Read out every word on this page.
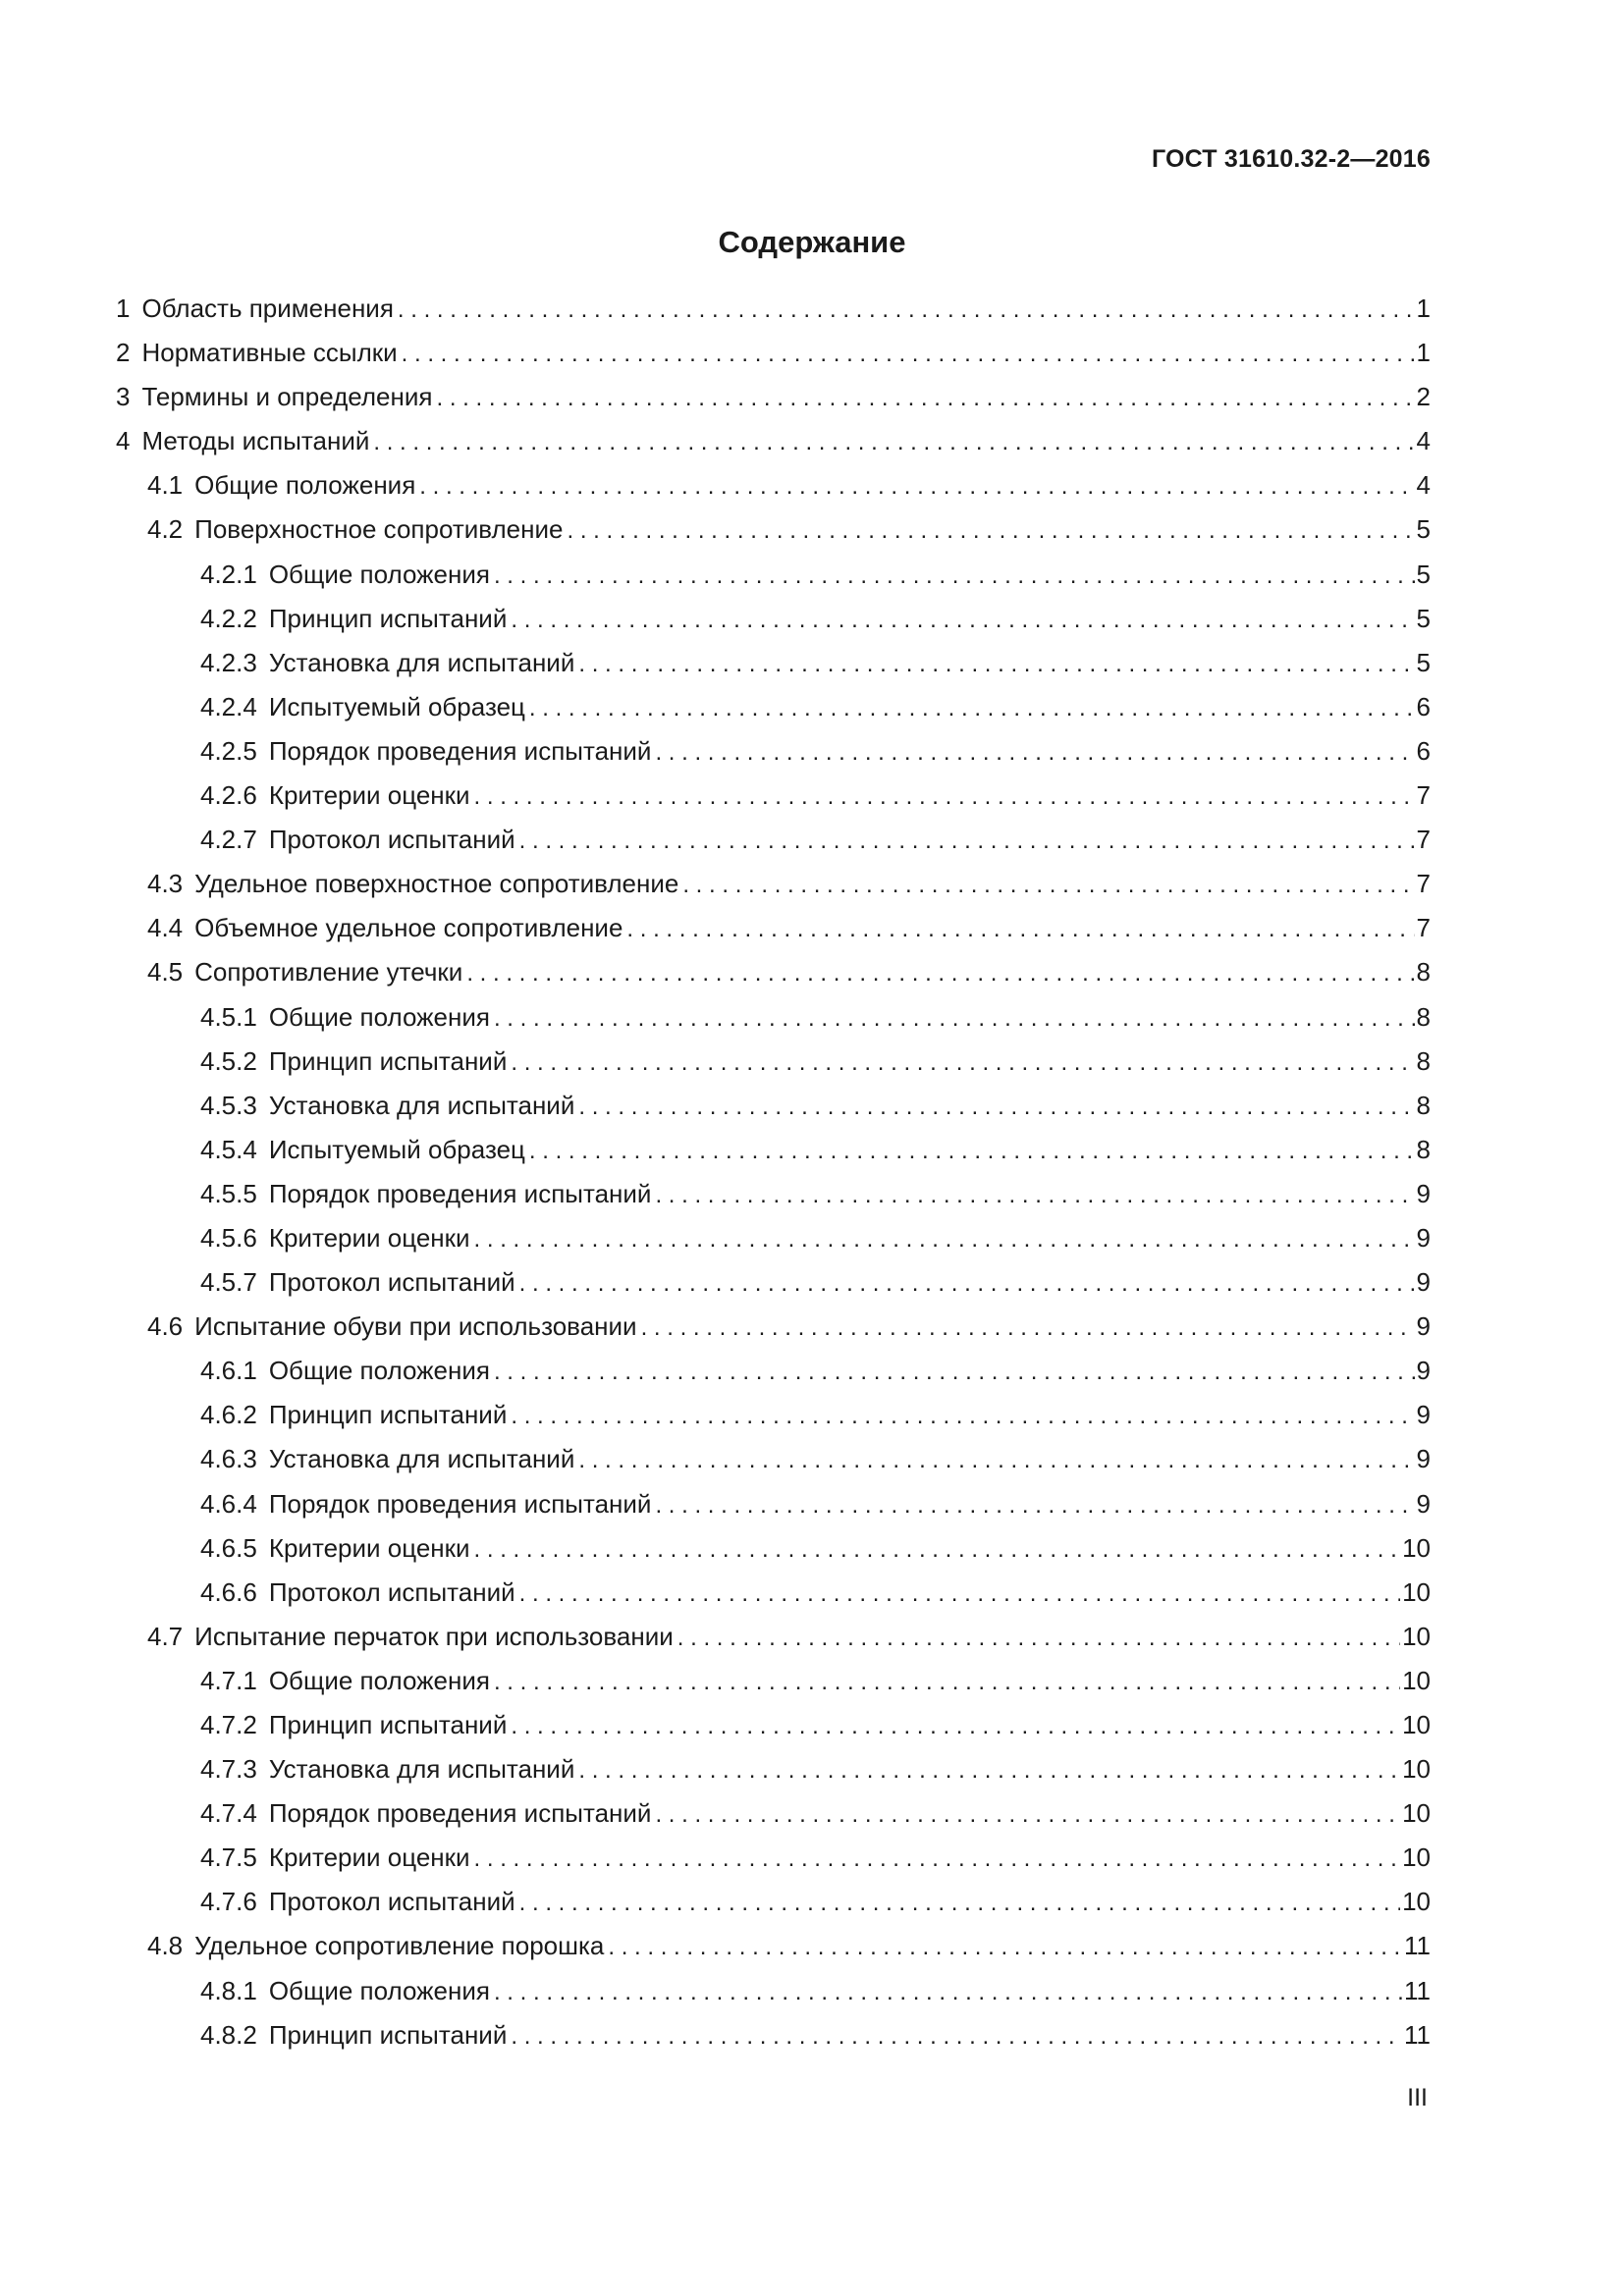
ГОСТ 31610.32-2—2016
Содержание
1 Область применения . . .	1
2 Нормативные ссылки . . .	1
3 Термины и определения . . .	2
4 Методы испытаний . . .	4
4.1 Общие положения . . .	4
4.2 Поверхностное сопротивление . . .	5
4.2.1 Общие положения . . .	5
4.2.2 Принцип испытаний . . .	5
4.2.3 Установка для испытаний . . .	5
4.2.4 Испытуемый образец . . .	6
4.2.5 Порядок проведения испытаний . . .	6
4.2.6 Критерии оценки . . .	7
4.2.7 Протокол испытаний . . .	7
4.3 Удельное поверхностное сопротивление . . .	7
4.4 Объемное удельное сопротивление . . .	7
4.5 Сопротивление утечки . . .	8
4.5.1 Общие положения . . .	8
4.5.2 Принцип испытаний . . .	8
4.5.3 Установка для испытаний . . .	8
4.5.4 Испытуемый образец . . .	8
4.5.5 Порядок проведения испытаний . . .	9
4.5.6 Критерии оценки . . .	9
4.5.7 Протокол испытаний . . .	9
4.6 Испытание обуви при использовании . . .	9
4.6.1 Общие положения . . .	9
4.6.2 Принцип испытаний . . .	9
4.6.3 Установка для испытаний . . .	9
4.6.4 Порядок проведения испытаний . . .	9
4.6.5 Критерии оценки . . .	10
4.6.6 Протокол испытаний . . .	10
4.7 Испытание перчаток при использовании . . .	10
4.7.1 Общие положения . . .	10
4.7.2 Принцип испытаний . . .	10
4.7.3 Установка для испытаний . . .	10
4.7.4 Порядок проведения испытаний . . .	10
4.7.5 Критерии оценки . . .	10
4.7.6 Протокол испытаний . . .	10
4.8 Удельное сопротивление порошка . . .	11
4.8.1 Общие положения . . .	11
4.8.2 Принцип испытаний . . .	11
III
